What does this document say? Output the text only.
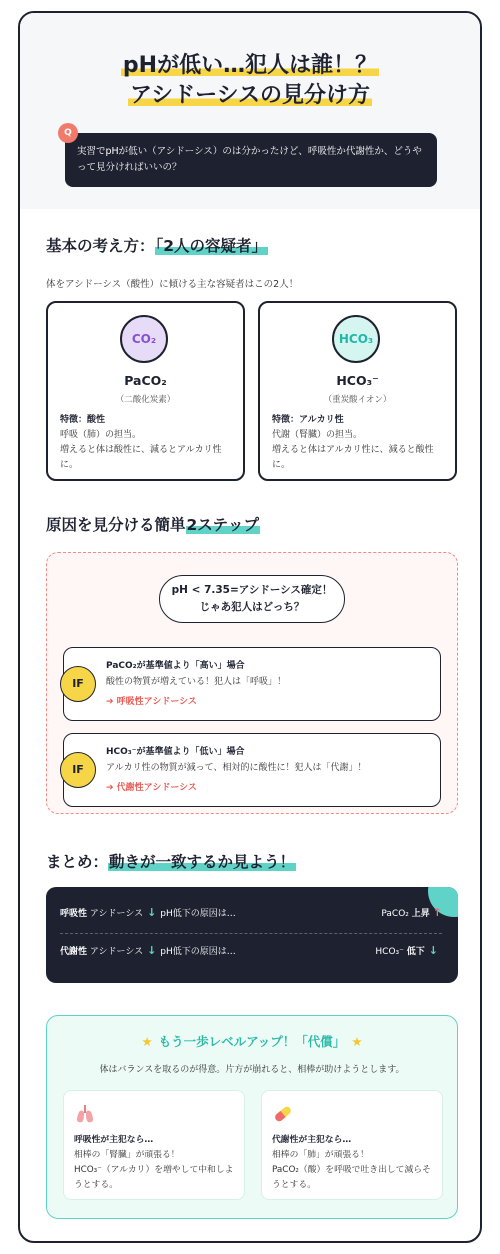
pHが低い…犯人は誰！？
アシドーシスの見分け方
実習でpHが低い（アシドーシス）のは分かったけど、呼吸性か代謝性か、どうやって見分ければいいの？
Q
基本の考え方：「2人の容疑者」
体をアシドーシス（酸性）に傾ける主な容疑者はこの2人！
CO₂
PaCO₂
（二酸化炭素）
特徴：酸性
呼吸（肺）の担当。
増えると体は酸性に、減るとアルカリ性に。
HCO₃
HCO₃⁻
（重炭酸イオン）
特徴：アルカリ性
代謝（腎臓）の担当。
増えると体はアルカリ性に、減ると酸性に。
原因を見分ける簡単2ステップ
pH < 7.35=アシドーシス確定！
じゃあ犯人はどっち？
IF
PaCO₂が基準値より「高い」場合
酸性の物質が増えている！犯人は「呼吸」！
➔ 呼吸性アシドーシス
IF
HCO₃⁻が基準値より「低い」場合
アルカリ性の物質が減って、相対的に酸性に！犯人は「代謝」！
➔ 代謝性アシドーシス
まとめ：動きが一致するか見よう！
呼吸性 アシドーシス ↓ pH低下の原因は…	PaCO₂ 上昇 ↑
代謝性 アシドーシス ↓ pH低下の原因は…	HCO₃⁻ 低下 ↓
★ もう一歩レベルアップ！「代償」 ★
体はバランスを取るのが得意。片方が崩れると、相棒が助けようとします。
呼吸性が主犯なら…
相棒の「腎臓」が頑張る！
HCO₃⁻（アルカリ）を増やして中和しようとする。
代謝性が主犯なら…
相棒の「肺」が頑張る！
PaCO₂（酸）を呼吸で吐き出して減らそうとする。
